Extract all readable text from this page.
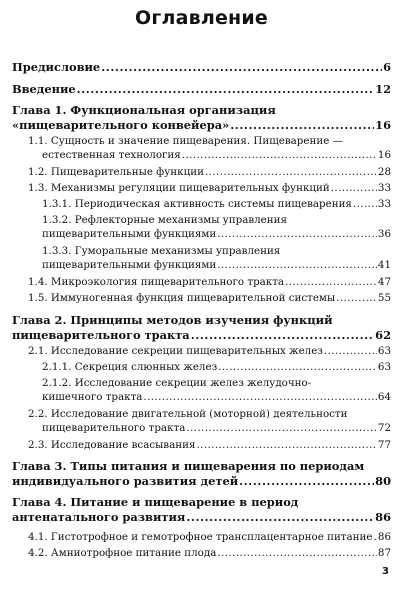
Оглавление
Предисловие .....	6
Введение .....	12
Глава 1. Функциональная организация
«пищеварительного конвейера» .....	16
1.1. Сущность и значение пищеварения. Пищеварение —
естественная технология .....	16
1.2. Пищеварительные функции .....	28
1.3. Механизмы регуляции пищеварительных функций .....	33
1.3.1. Периодическая активность системы пищеварения .....	33
1.3.2. Рефлекторные механизмы управления
пищеварительными функциями .....	36
1.3.3. Гуморальные механизмы управления
пищеварительными функциями .....	41
1.4. Микроэкология пищеварительного тракта .....	47
1.5. Иммуногенная функция пищеварительной системы .....	55
Глава 2. Принципы методов изучения функций
пищеварительного тракта .....	62
2.1. Исследование секреции пищеварительных желез .....	63
2.1.1. Секреция слюнных желез .....	63
2.1.2. Исследование секреции желез желудочно-
кишечного тракта .....	64
2.2. Исследование двигательной (моторной) деятельности
пищеварительного тракта .....	72
2.3. Исследование всасывания .....	77
Глава 3. Типы питания и пищеварения по периодам
индивидуального развития детей .....	80
Глава 4. Питание и пищеварение в период
антенатального развития .....	86
4.1. Гистотрофное и гемотрофное трансплацентарное питание ..... 86
4.2. Амниотрофное питание плода .....	87
3
